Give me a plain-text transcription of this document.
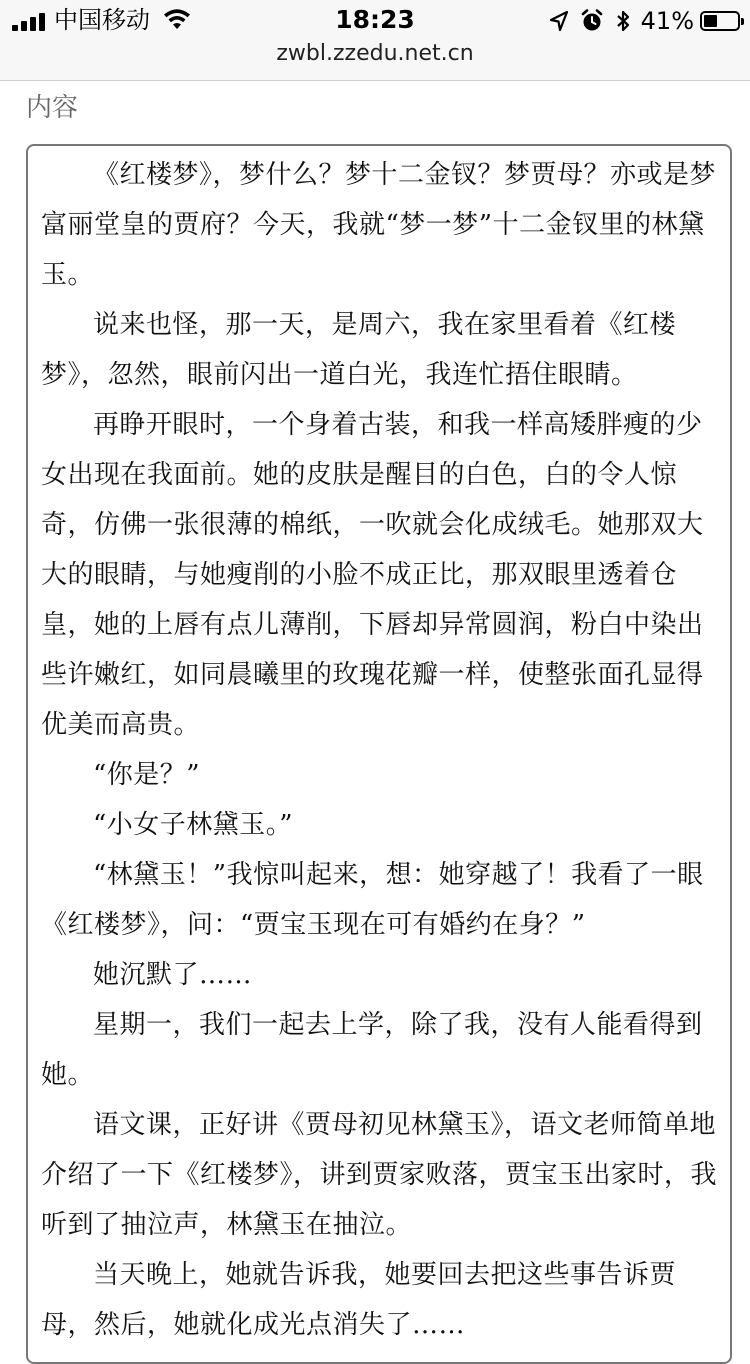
中国移动	18:23	41%
zwbl.zzedu.net.cn
内容

《红楼梦》，梦什么？梦十二金钗？梦贾母？亦或是梦富丽堂皇的贾府？今天，我就“梦一梦”十二金钗里的林黛玉。

说来也怪，那一天，是周六，我在家里看着《红楼梦》，忽然，眼前闪出一道白光，我连忙捂住眼睛。

再睁开眼时，一个身着古装，和我一样高矮胖瘦的少女出现在我面前。她的皮肤是醒目的白色，白的令人惊奇，仿佛一张很薄的棉纸，一吹就会化成绒毛。她那双大大的眼睛，与她瘦削的小脸不成正比，那双眼里透着仓皇，她的上唇有点儿薄削，下唇却异常圆润，粉白中染出些许嫩红，如同晨曦里的玫瑰花瓣一样，使整张面孔显得优美而高贵。

“你是？”

“小女子林黛玉。”

“林黛玉！”我惊叫起来，想：她穿越了！我看了一眼《红楼梦》，问：“贾宝玉现在可有婚约在身？”

她沉默了……

星期一，我们一起去上学，除了我，没有人能看得到她。

语文课，正好讲《贾母初见林黛玉》，语文老师简单地介绍了一下《红楼梦》，讲到贾家败落，贾宝玉出家时，我听到了抽泣声，林黛玉在抽泣。

当天晚上，她就告诉我，她要回去把这些事告诉贾母，然后，她就化成光点消失了……
